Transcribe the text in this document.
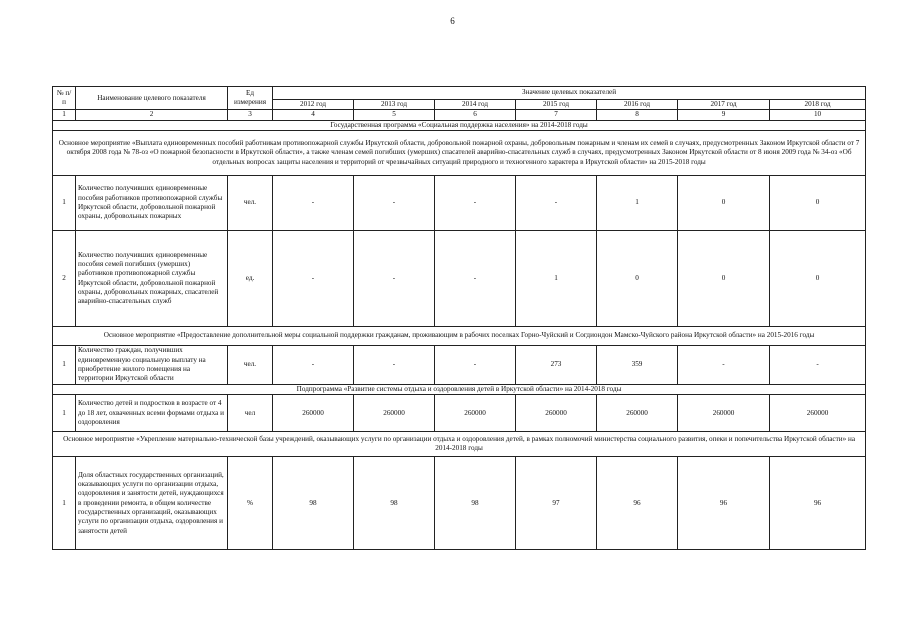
6
№ п/п	Наименование целевого показателя	Ед измерения	Значение целевых показателей						
			2012 год	2013 год	2014 год	2015 год	2016 год	2017 год	2018 год
1	2	3	4	5	6	7	8	9	10
Государственная программа «Социальная поддержка населения» на 2014-2018 годы									
Основное мероприятие «Выплата единовременных пособий работникам противопожарной службы Иркутской области, добровольной пожарной охраны, добровольным пожарным и членам их семей в случаях, предусмотренных Законом Иркутской области от 7 октября 2008 года № 78-оз «О пожарной безопасности в Иркутской области», а также членам семей погибших (умерших) спасателей аварийно-спасательных служб в случаях, предусмотренных Законом Иркутской области от 8 июня 2009 года № 34-оз «Об отдельных вопросах защиты населения и территорий от чрезвычайных ситуаций природного и техногенного характера в Иркутской области» на 2015-2018 годы									
1	Количество получивших единовременные пособия работников противопожарной службы Иркутской области, добровольной пожарной охраны, добровольных пожарных	чел.	-	-	-	-	1	0	0
2	Количество получивших единовременные пособия семей погибших (умерших) работников противопожарной службы Иркутской области, добровольной пожарной охраны, добровольных пожарных, спасателей аварийно-спасательных служб	ед.	-	-	-	1	0	0	0
Основное мероприятие «Предоставление дополнительной меры социальной поддержки гражданам, проживающим в рабочих поселках Горно-Чуйский и Согдиондон Мамско-Чуйского района Иркутской области» на 2015-2016 годы									
1	Количество граждан, получивших единовременную социальную выплату на приобретение жилого помещения на территории Иркутской области	чел.	-	-	-	273	359	-	-
Подпрограмма «Развитие системы отдыха и оздоровления детей в Иркутской области» на 2014-2018 годы									
1	Количество детей и подростков в возрасте от 4 до 18 лет, охваченных всеми формами отдыха и оздоровления	чел	260000	260000	260000	260000	260000	260000	260000
Основное мероприятие «Укрепление материально-технической базы учреждений, оказывающих услуги по организации отдыха и оздоровления детей, в рамках полномочий министерства социального развития, опеки и попечительства Иркутской области» на 2014-2018 годы									
1	Доля областных государственных организаций, оказывающих услуги по организации отдыха, оздоровления и занятости детей, нуждающихся в проведении ремонта, в общем количестве государственных организаций, оказывающих услуги по организации отдыха, оздоровления и занятости детей	%	98	98	98	97	96	96	96
